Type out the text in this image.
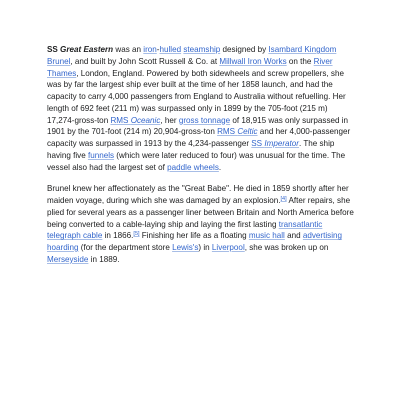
SS Great Eastern was an iron-hulled steamship designed by Isambard Kingdom Brunel, and built by John Scott Russell & Co. at Millwall Iron Works on the River Thames, London, England. Powered by both sidewheels and screw propellers, she was by far the largest ship ever built at the time of her 1858 launch, and had the capacity to carry 4,000 passengers from England to Australia without refuelling. Her length of 692 feet (211 m) was surpassed only in 1899 by the 705-foot (215 m) 17,274-gross-ton RMS Oceanic, her gross tonnage of 18,915 was only surpassed in 1901 by the 701-foot (214 m) 20,904-gross-ton RMS Celtic and her 4,000-passenger capacity was surpassed in 1913 by the 4,234-passenger SS Imperator. The ship having five funnels (which were later reduced to four) was unusual for the time. The vessel also had the largest set of paddle wheels.

Brunel knew her affectionately as the "Great Babe". He died in 1859 shortly after her maiden voyage, during which she was damaged by an explosion.[4] After repairs, she plied for several years as a passenger liner between Britain and North America before being converted to a cable-laying ship and laying the first lasting transatlantic telegraph cable in 1866.[5] Finishing her life as a floating music hall and advertising hoarding (for the department store Lewis's) in Liverpool, she was broken up on Merseyside in 1889.
